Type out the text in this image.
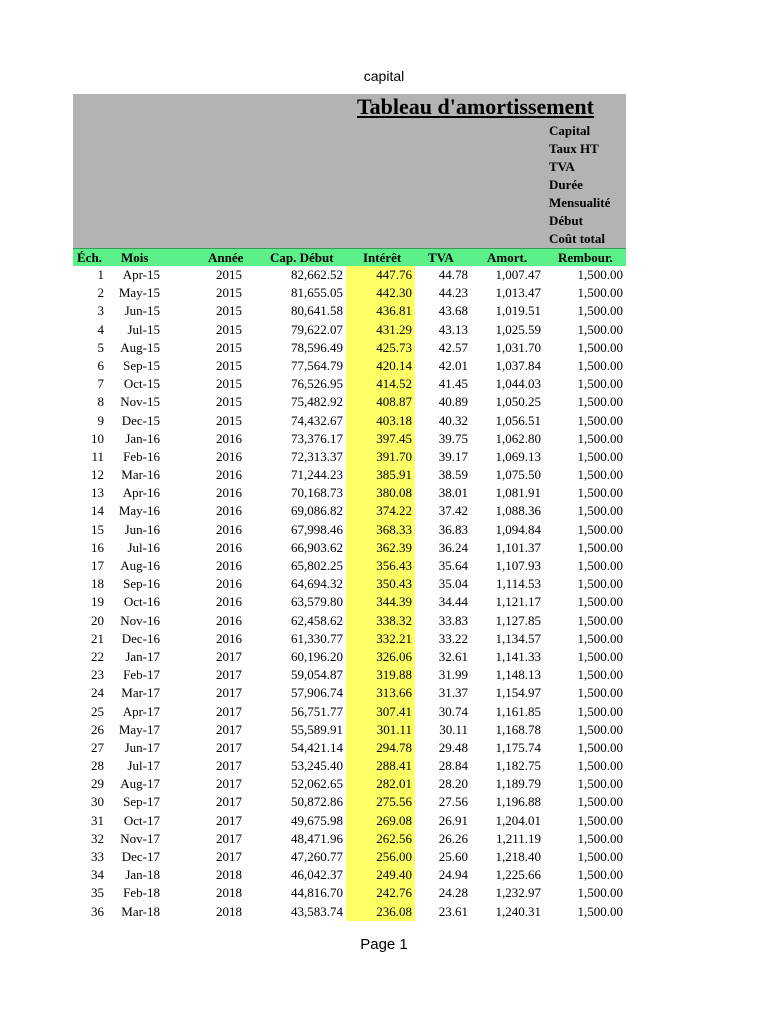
capital
Tableau d'amortissement
Capital
Taux HT
TVA
Durée
Mensualité
Début
Coût total
Éch.	Mois	Année	Cap. Début	Intérêt	TVA	Amort.	Rembour.
1	Apr-15	2015	82,662.52	447.76	44.78	1,007.47	1,500.00
2	May-15	2015	81,655.05	442.30	44.23	1,013.47	1,500.00
3	Jun-15	2015	80,641.58	436.81	43.68	1,019.51	1,500.00
4	Jul-15	2015	79,622.07	431.29	43.13	1,025.59	1,500.00
5	Aug-15	2015	78,596.49	425.73	42.57	1,031.70	1,500.00
6	Sep-15	2015	77,564.79	420.14	42.01	1,037.84	1,500.00
7	Oct-15	2015	76,526.95	414.52	41.45	1,044.03	1,500.00
8	Nov-15	2015	75,482.92	408.87	40.89	1,050.25	1,500.00
9	Dec-15	2015	74,432.67	403.18	40.32	1,056.51	1,500.00
10	Jan-16	2016	73,376.17	397.45	39.75	1,062.80	1,500.00
11	Feb-16	2016	72,313.37	391.70	39.17	1,069.13	1,500.00
12	Mar-16	2016	71,244.23	385.91	38.59	1,075.50	1,500.00
13	Apr-16	2016	70,168.73	380.08	38.01	1,081.91	1,500.00
14	May-16	2016	69,086.82	374.22	37.42	1,088.36	1,500.00
15	Jun-16	2016	67,998.46	368.33	36.83	1,094.84	1,500.00
16	Jul-16	2016	66,903.62	362.39	36.24	1,101.37	1,500.00
17	Aug-16	2016	65,802.25	356.43	35.64	1,107.93	1,500.00
18	Sep-16	2016	64,694.32	350.43	35.04	1,114.53	1,500.00
19	Oct-16	2016	63,579.80	344.39	34.44	1,121.17	1,500.00
20	Nov-16	2016	62,458.62	338.32	33.83	1,127.85	1,500.00
21	Dec-16	2016	61,330.77	332.21	33.22	1,134.57	1,500.00
22	Jan-17	2017	60,196.20	326.06	32.61	1,141.33	1,500.00
23	Feb-17	2017	59,054.87	319.88	31.99	1,148.13	1,500.00
24	Mar-17	2017	57,906.74	313.66	31.37	1,154.97	1,500.00
25	Apr-17	2017	56,751.77	307.41	30.74	1,161.85	1,500.00
26	May-17	2017	55,589.91	301.11	30.11	1,168.78	1,500.00
27	Jun-17	2017	54,421.14	294.78	29.48	1,175.74	1,500.00
28	Jul-17	2017	53,245.40	288.41	28.84	1,182.75	1,500.00
29	Aug-17	2017	52,062.65	282.01	28.20	1,189.79	1,500.00
30	Sep-17	2017	50,872.86	275.56	27.56	1,196.88	1,500.00
31	Oct-17	2017	49,675.98	269.08	26.91	1,204.01	1,500.00
32	Nov-17	2017	48,471.96	262.56	26.26	1,211.19	1,500.00
33	Dec-17	2017	47,260.77	256.00	25.60	1,218.40	1,500.00
34	Jan-18	2018	46,042.37	249.40	24.94	1,225.66	1,500.00
35	Feb-18	2018	44,816.70	242.76	24.28	1,232.97	1,500.00
36	Mar-18	2018	43,583.74	236.08	23.61	1,240.31	1,500.00
Page 1
